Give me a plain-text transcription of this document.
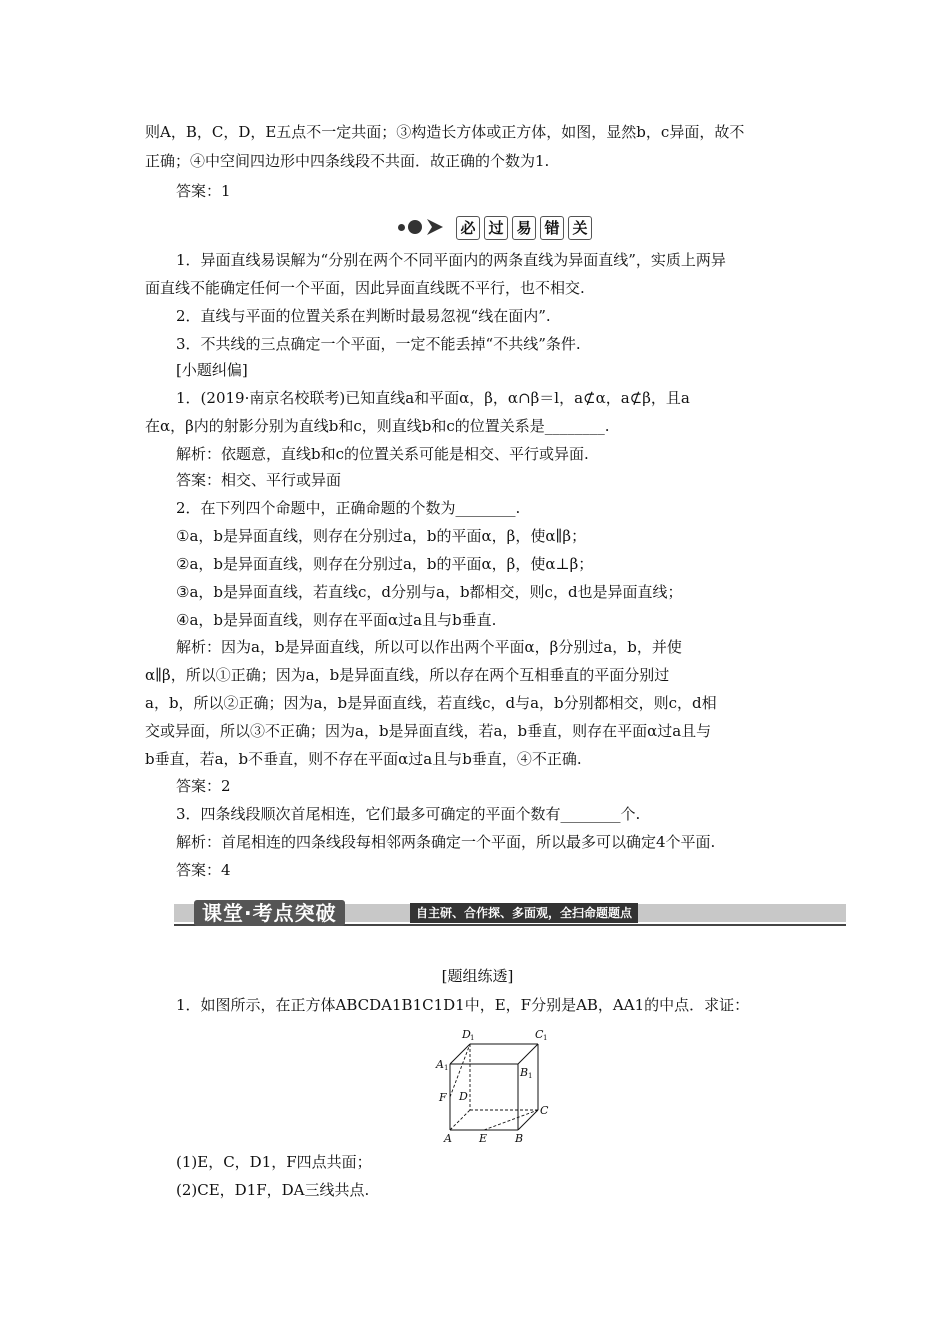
则A，B，C，D，E五点不一定共面；③构造长方体或正方体，如图，显然b，c异面，故不
正确；④中空间四边形中四条线段不共面．故正确的个数为1.
答案：1
必 过 易 错 关
1．异面直线易误解为“分别在两个不同平面内的两条直线为异面直线”，实质上两异
面直线不能确定任何一个平面，因此异面直线既不平行，也不相交.
2．直线与平面的位置关系在判断时最易忽视“线在面内”.
3．不共线的三点确定一个平面，一定不能丢掉“不共线”条件.
[小题纠偏]
1．(2019·南京名校联考)已知直线a和平面α，β，α∩β＝l，a⊄α，a⊄β，且a
在α，β内的射影分别为直线b和c，则直线b和c的位置关系是________.
解析：依题意，直线b和c的位置关系可能是相交、平行或异面.
答案：相交、平行或异面
2．在下列四个命题中，正确命题的个数为________.
①a，b是异面直线，则存在分别过a，b的平面α，β，使α∥β；
②a，b是异面直线，则存在分别过a，b的平面α，β，使α⊥β；
③a，b是异面直线，若直线c，d分别与a，b都相交，则c，d也是异面直线；
④a，b是异面直线，则存在平面α过a且与b垂直.
解析：因为a，b是异面直线，所以可以作出两个平面α，β分别过a，b，并使
α∥β，所以①正确；因为a，b是异面直线，所以存在两个互相垂直的平面分别过
a，b，所以②正确；因为a，b是异面直线，若直线c，d与a，b分别都相交，则c，d相
交或异面，所以③不正确；因为a，b是异面直线，若a，b垂直，则存在平面α过a且与
b垂直，若a，b不垂直，则不存在平面α过a且与b垂直，④不正确.
答案：2
3．四条线段顺次首尾相连，它们最多可确定的平面个数有________个.
解析：首尾相连的四条线段每相邻两条确定一个平面，所以最多可以确定4个平面.
答案：4
课堂·考点突破	自主研、合作探、多面观，全扫命题题点
[题组练透]
1．如图所示，在正方体ABCDA1B1C1D1中，E，F分别是AB，AA1的中点．求证：
D 1	C 1
A 1	B 1
F D
C
A E	B
(1)E，C，D1，F四点共面；
(2)CE，D1F，DA三线共点.
